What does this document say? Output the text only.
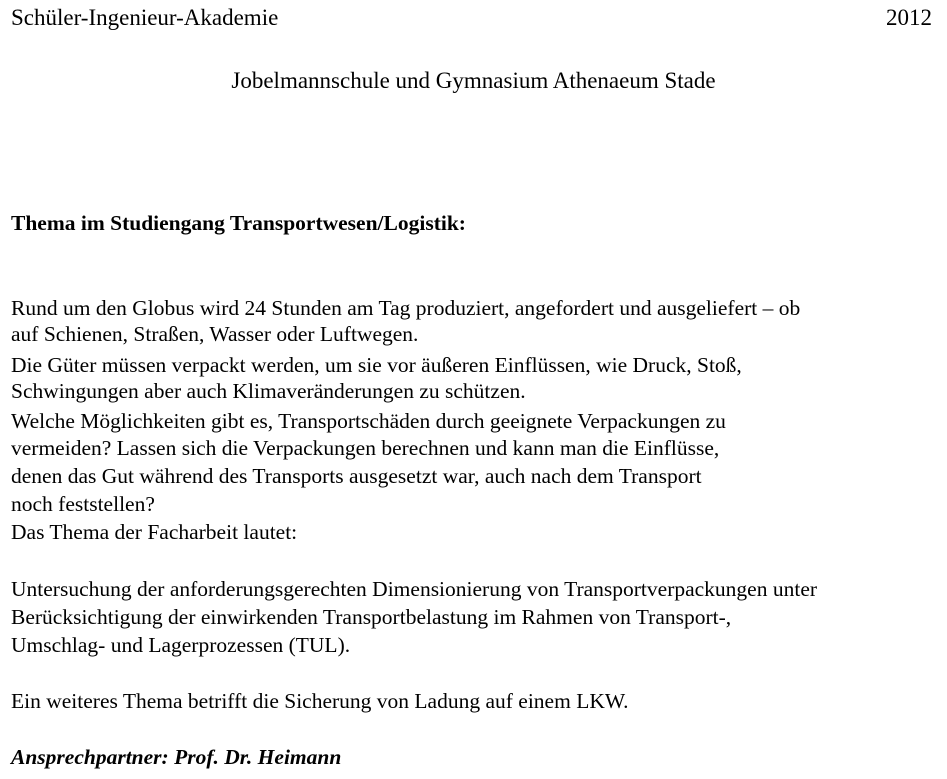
Schüler-Ingenieur-Akademie	2012
Jobelmannschule und Gymnasium Athenaeum Stade
Thema im Studiengang Transportwesen/Logistik:
Rund um den Globus wird 24 Stunden am Tag produziert, angefordert und ausgeliefert – ob
auf Schienen, Straßen, Wasser oder Luftwegen.
Die Güter müssen verpackt werden, um sie vor äußeren Einflüssen, wie Druck, Stoß,
Schwingungen aber auch Klimaveränderungen zu schützen.
Welche Möglichkeiten gibt es, Transportschäden durch geeignete Verpackungen zu
vermeiden? Lassen sich die Verpackungen berechnen und kann man die Einflüsse,
denen das Gut während des Transports ausgesetzt war, auch nach dem Transport
noch feststellen?
Das Thema der Facharbeit lautet:
Untersuchung der anforderungsgerechten Dimensionierung von Transportverpackungen unter
Berücksichtigung der einwirkenden Transportbelastung im Rahmen von Transport-,
Umschlag- und Lagerprozessen (TUL).
Ein weiteres Thema betrifft die Sicherung von Ladung auf einem LKW.
Ansprechpartner: Prof. Dr. Heimann
